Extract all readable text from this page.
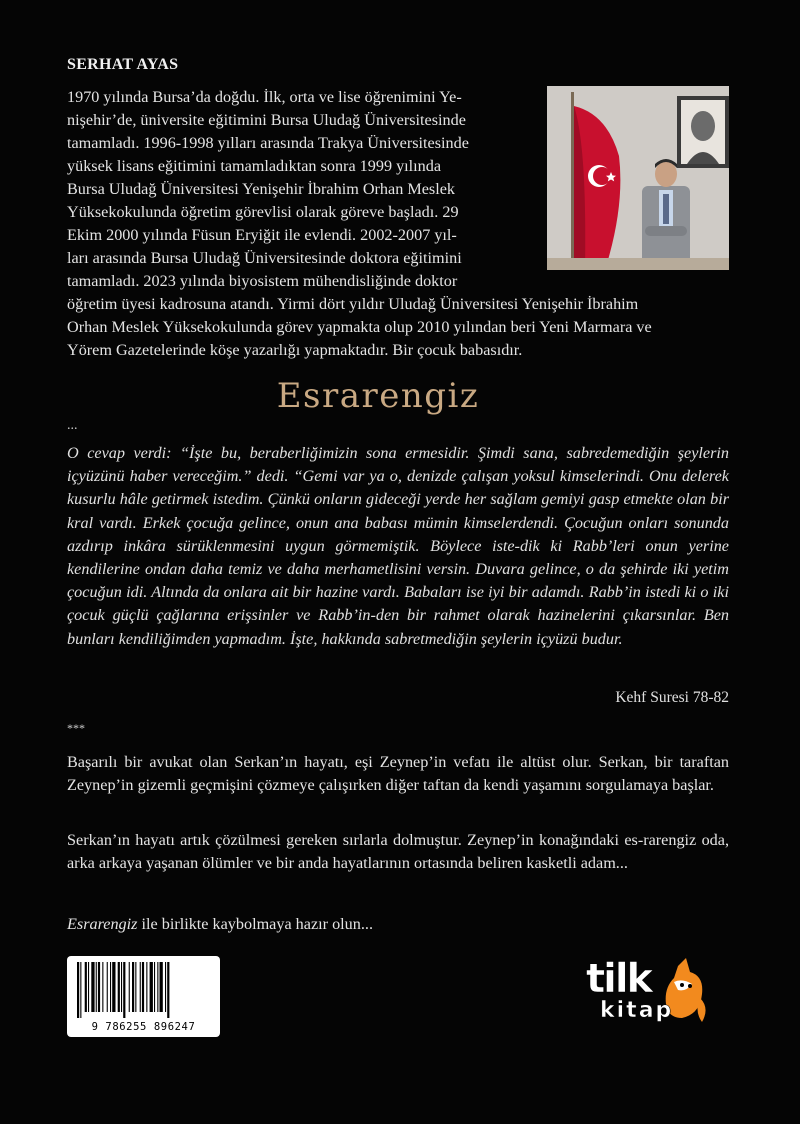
SERHAT AYAS
1970 yılında Bursa’da doğdu. İlk, orta ve lise öğrenimini Ye-
nişehir’de, üniversite eğitimini Bursa Uludağ Üniversitesinde
tamamladı. 1996-1998 yılları arasında Trakya Üniversitesinde
yüksek lisans eğitimini tamamladıktan sonra 1999 yılında
Bursa Uludağ Üniversitesi Yenişehir İbrahim Orhan Meslek
Yüksekokulunda öğretim görevlisi olarak göreve başladı. 29
Ekim 2000 yılında Füsun Eryiğit ile evlendi. 2002-2007 yıl-
ları arasında Bursa Uludağ Üniversitesinde doktora eğitimini
tamamladı. 2023 yılında biyosistem mühendisliğinde doktor
öğretim üyesi kadrosuna atandı. Yirmi dört yıldır Uludağ Üniversitesi Yenişehir İbrahim
Orhan Meslek Yüksekokulunda görev yapmakta olup 2010 yılından beri Yeni Marmara ve
Yörem Gazetelerinde köşe yazarlığı yapmaktadır. Bir çocuk babasıdır.
Esrarengiz
...
O cevap verdi: “İşte bu, beraberliğimizin sona ermesidir. Şimdi sana, sabredemediğin şeylerin içyüzünü haber vereceğim.” dedi. “Gemi var ya o, denizde çalışan yoksul kimselerindi. Onu delerek kusurlu hâle getirmek istedim. Çünkü onların gideceği yerde her sağlam gemiyi gasp etmekte olan bir kral vardı. Erkek çocuğa gelince, onun ana babası mümin kimselerdendi. Çocuğun onları sonunda azdırıp inkâra sürüklenmesini uygun görmemiştik. Böylece iste-dik ki Rabb’leri onun yerine kendilerine ondan daha temiz ve daha merhametlisini versin. Duvara gelince, o da şehirde iki yetim çocuğun idi. Altında da onlara ait bir hazine vardı. Babaları ise iyi bir adamdı. Rabb’in istedi ki o iki çocuk güçlü çağlarına erişsinler ve Rabb’in-den bir rahmet olarak hazinelerini çıkarsınlar. Ben bunları kendiliğimden yapmadım. İşte, hakkında sabretmediğin şeylerin içyüzü budur.
Kehf Suresi 78-82
***
Başarılı bir avukat olan Serkan’ın hayatı, eşi Zeynep’in vefatı ile altüst olur. Serkan, bir taraftan Zeynep’in gizemli geçmişini çözmeye çalışırken diğer taftan da kendi yaşamını sorgulamaya başlar.
Serkan’ın hayatı artık çözülmesi gereken sırlarla dolmuştur. Zeynep’in konağındaki es-rarengiz oda, arka arkaya yaşanan ölümler ve bir anda hayatlarının ortasında beliren kasketli adam...
Esrarengiz ile birlikte kaybolmaya hazır olun...
9 786255 896247
tilk
kitap
